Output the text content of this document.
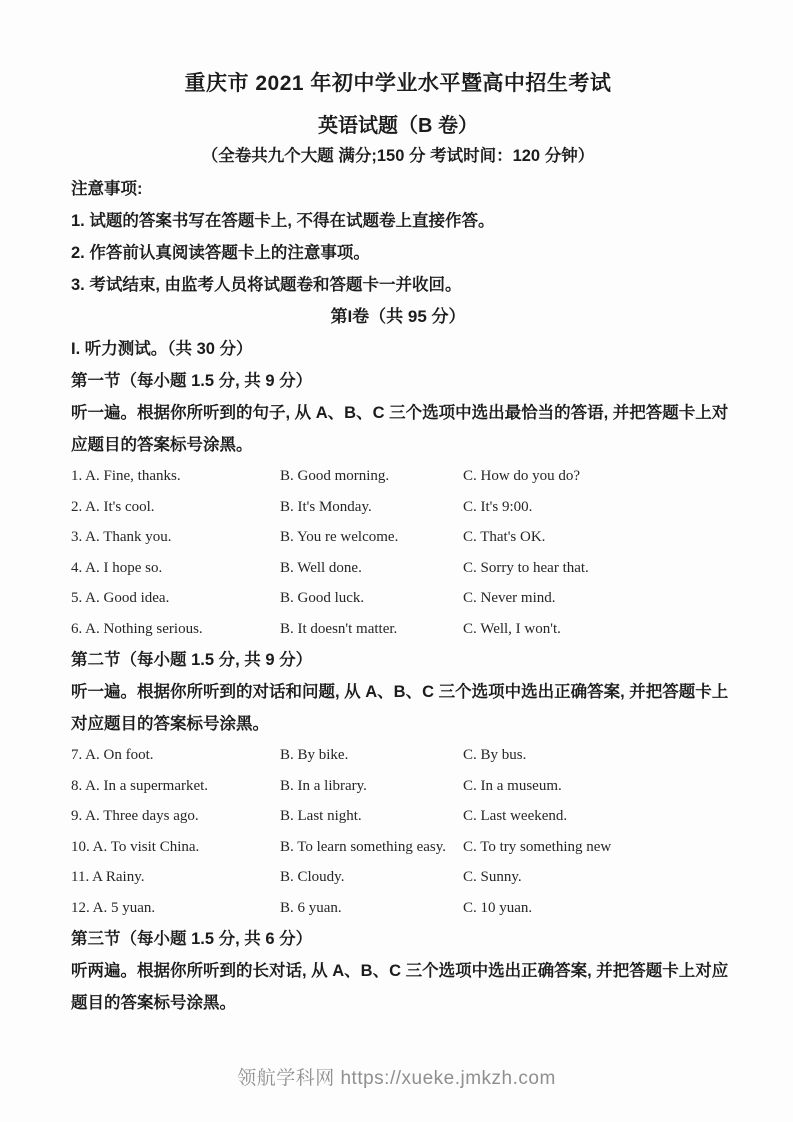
重庆市 2021 年初中学业水平暨高中招生考试
英语试题（B 卷）
（全卷共九个大题 满分;150 分 考试时间：120 分钟）
注意事项:
1. 试题的答案书写在答题卡上, 不得在试题卷上直接作答。
2. 作答前认真阅读答题卡上的注意事项。
3. 考试结束, 由监考人员将试题卷和答题卡一并收回。
第I卷（共 95 分）
I. 听力测试。（共 30 分）
第一节（每小题 1.5 分, 共 9 分）
听一遍。根据你所听到的句子, 从 A、B、C 三个选项中选出最恰当的答语, 并把答题卡上对
应题目的答案标号涂黑。
1. A. Fine, thanks.	B. Good morning.	C. How do you do?
2. A. It's cool.	B. It's Monday.	C. It's 9:00.
3. A. Thank you.	B. You re welcome.	C. That's OK.
4. A. I hope so.	B. Well done.	C. Sorry to hear that.
5. A. Good idea.	B. Good luck.	C. Never mind.
6. A. Nothing serious.	B. It doesn't matter.	C. Well, I won't.
第二节（每小题 1.5 分, 共 9 分）
听一遍。根据你所听到的对话和问题, 从 A、B、C 三个选项中选出正确答案, 并把答题卡上
对应题目的答案标号涂黑。
7. A. On foot.	B. By bike.	C. By bus.
8. A. In a supermarket.	B. In a library.	C. In a museum.
9. A. Three days ago.	B. Last night.	C. Last weekend.
10. A. To visit China.	B. To learn something easy.	C. To try something new
11. A Rainy.	B. Cloudy.	C. Sunny.
12. A. 5 yuan.	B. 6 yuan.	C. 10 yuan.
第三节（每小题 1.5 分, 共 6 分）
听两遍。根据你所听到的长对话, 从 A、B、C 三个选项中选出正确答案, 并把答题卡上对应
题目的答案标号涂黑。
领航学科网 https://xueke.jmkzh.com
